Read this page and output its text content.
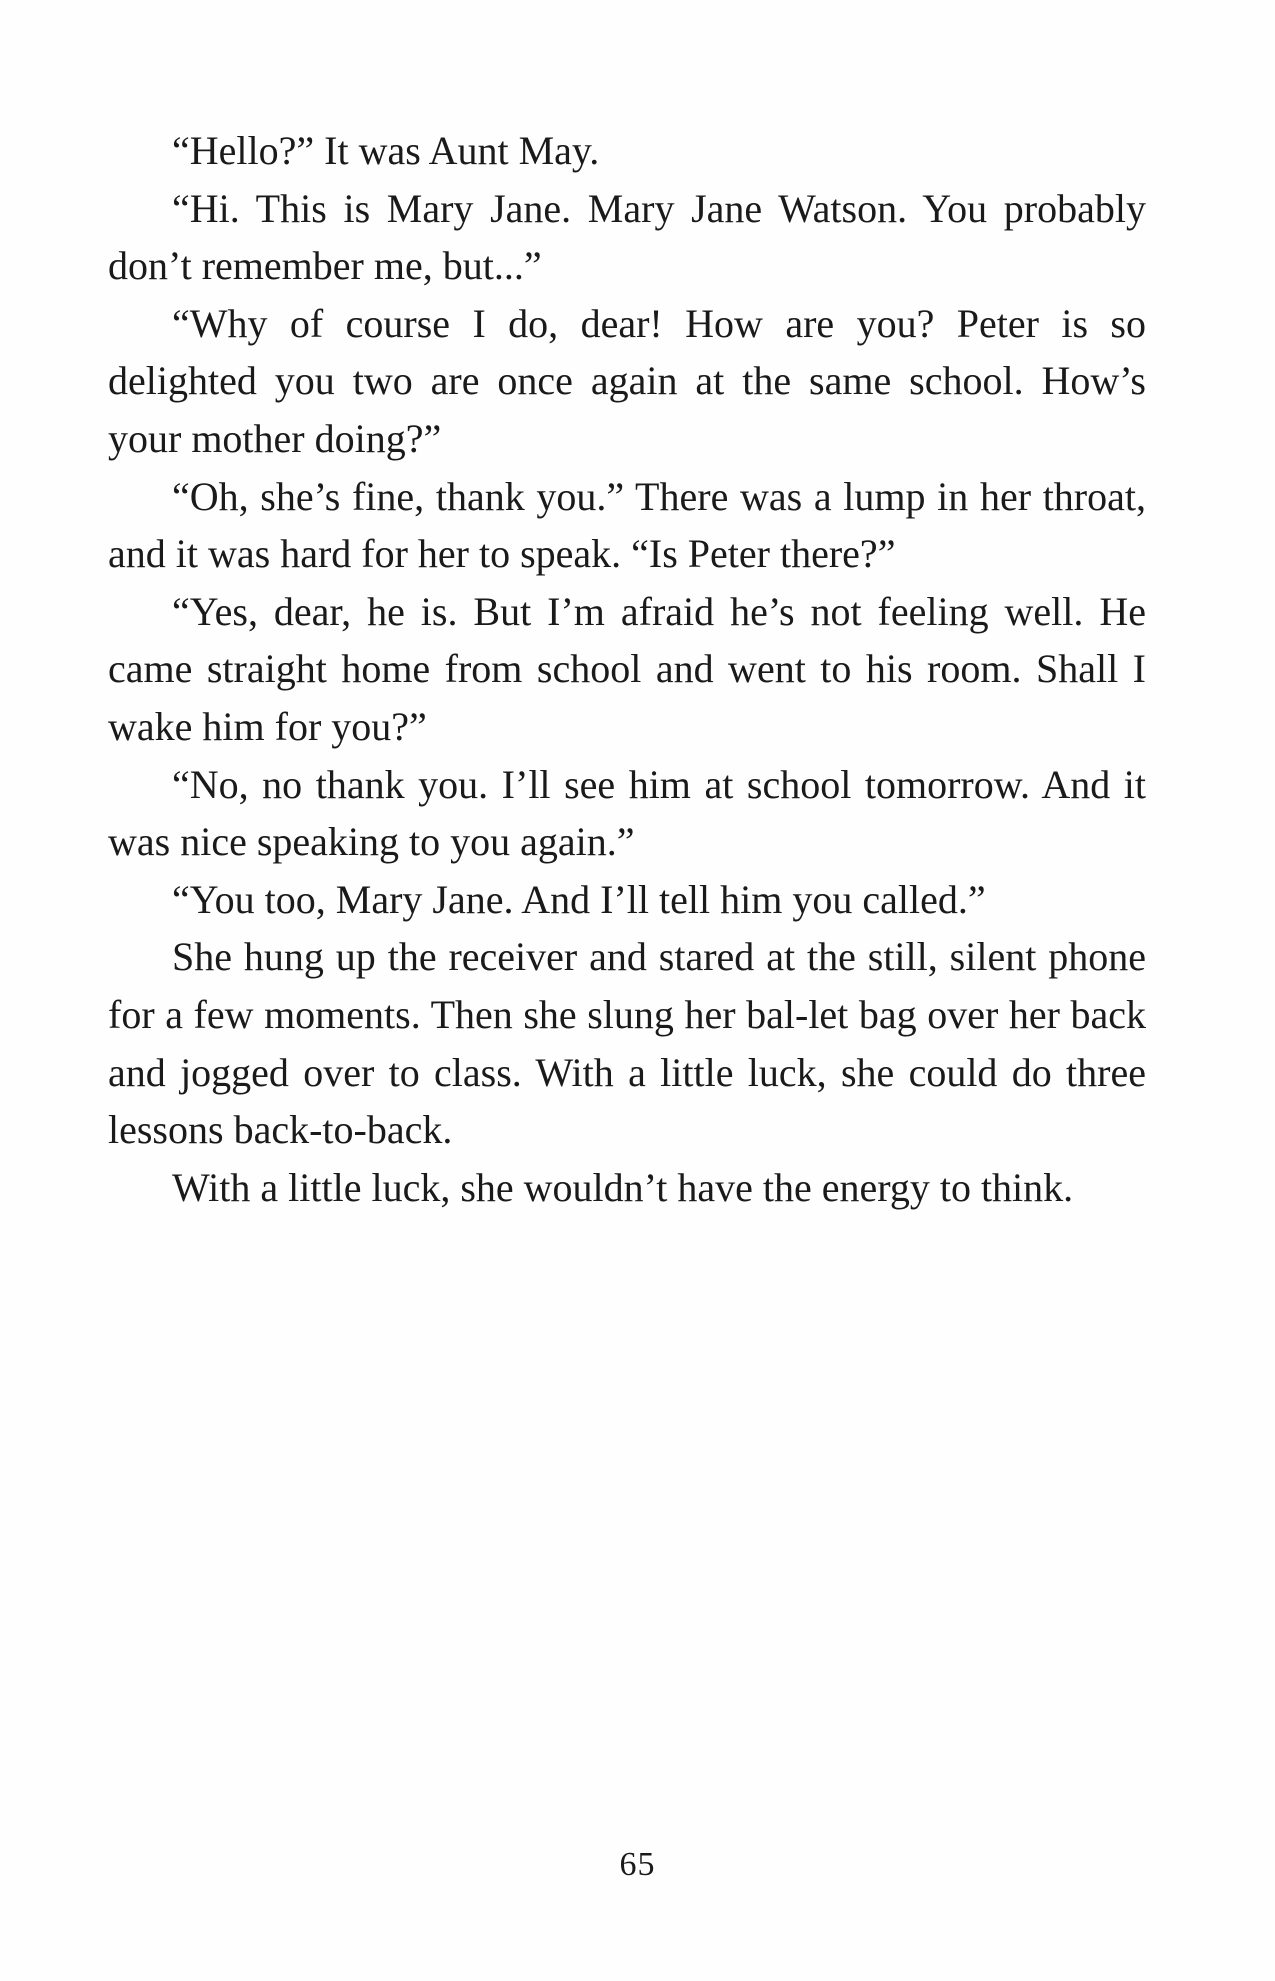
“Hello?” It was Aunt May.

“Hi. This is Mary Jane. Mary Jane Watson. You probably don’t remember me, but...”

“Why of course I do, dear! How are you? Peter is so delighted you two are once again at the same school. How’s your mother doing?”

“Oh, she’s fine, thank you.” There was a lump in her throat, and it was hard for her to speak. “Is Peter there?”

“Yes, dear, he is. But I’m afraid he’s not feeling well. He came straight home from school and went to his room. Shall I wake him for you?”

“No, no thank you. I’ll see him at school tomorrow. And it was nice speaking to you again.”

“You too, Mary Jane. And I’ll tell him you called.”

She hung up the receiver and stared at the still, silent phone for a few moments. Then she slung her bal-let bag over her back and jogged over to class. With a little luck, she could do three lessons back-to-back.

With a little luck, she wouldn’t have the energy to think.

65
